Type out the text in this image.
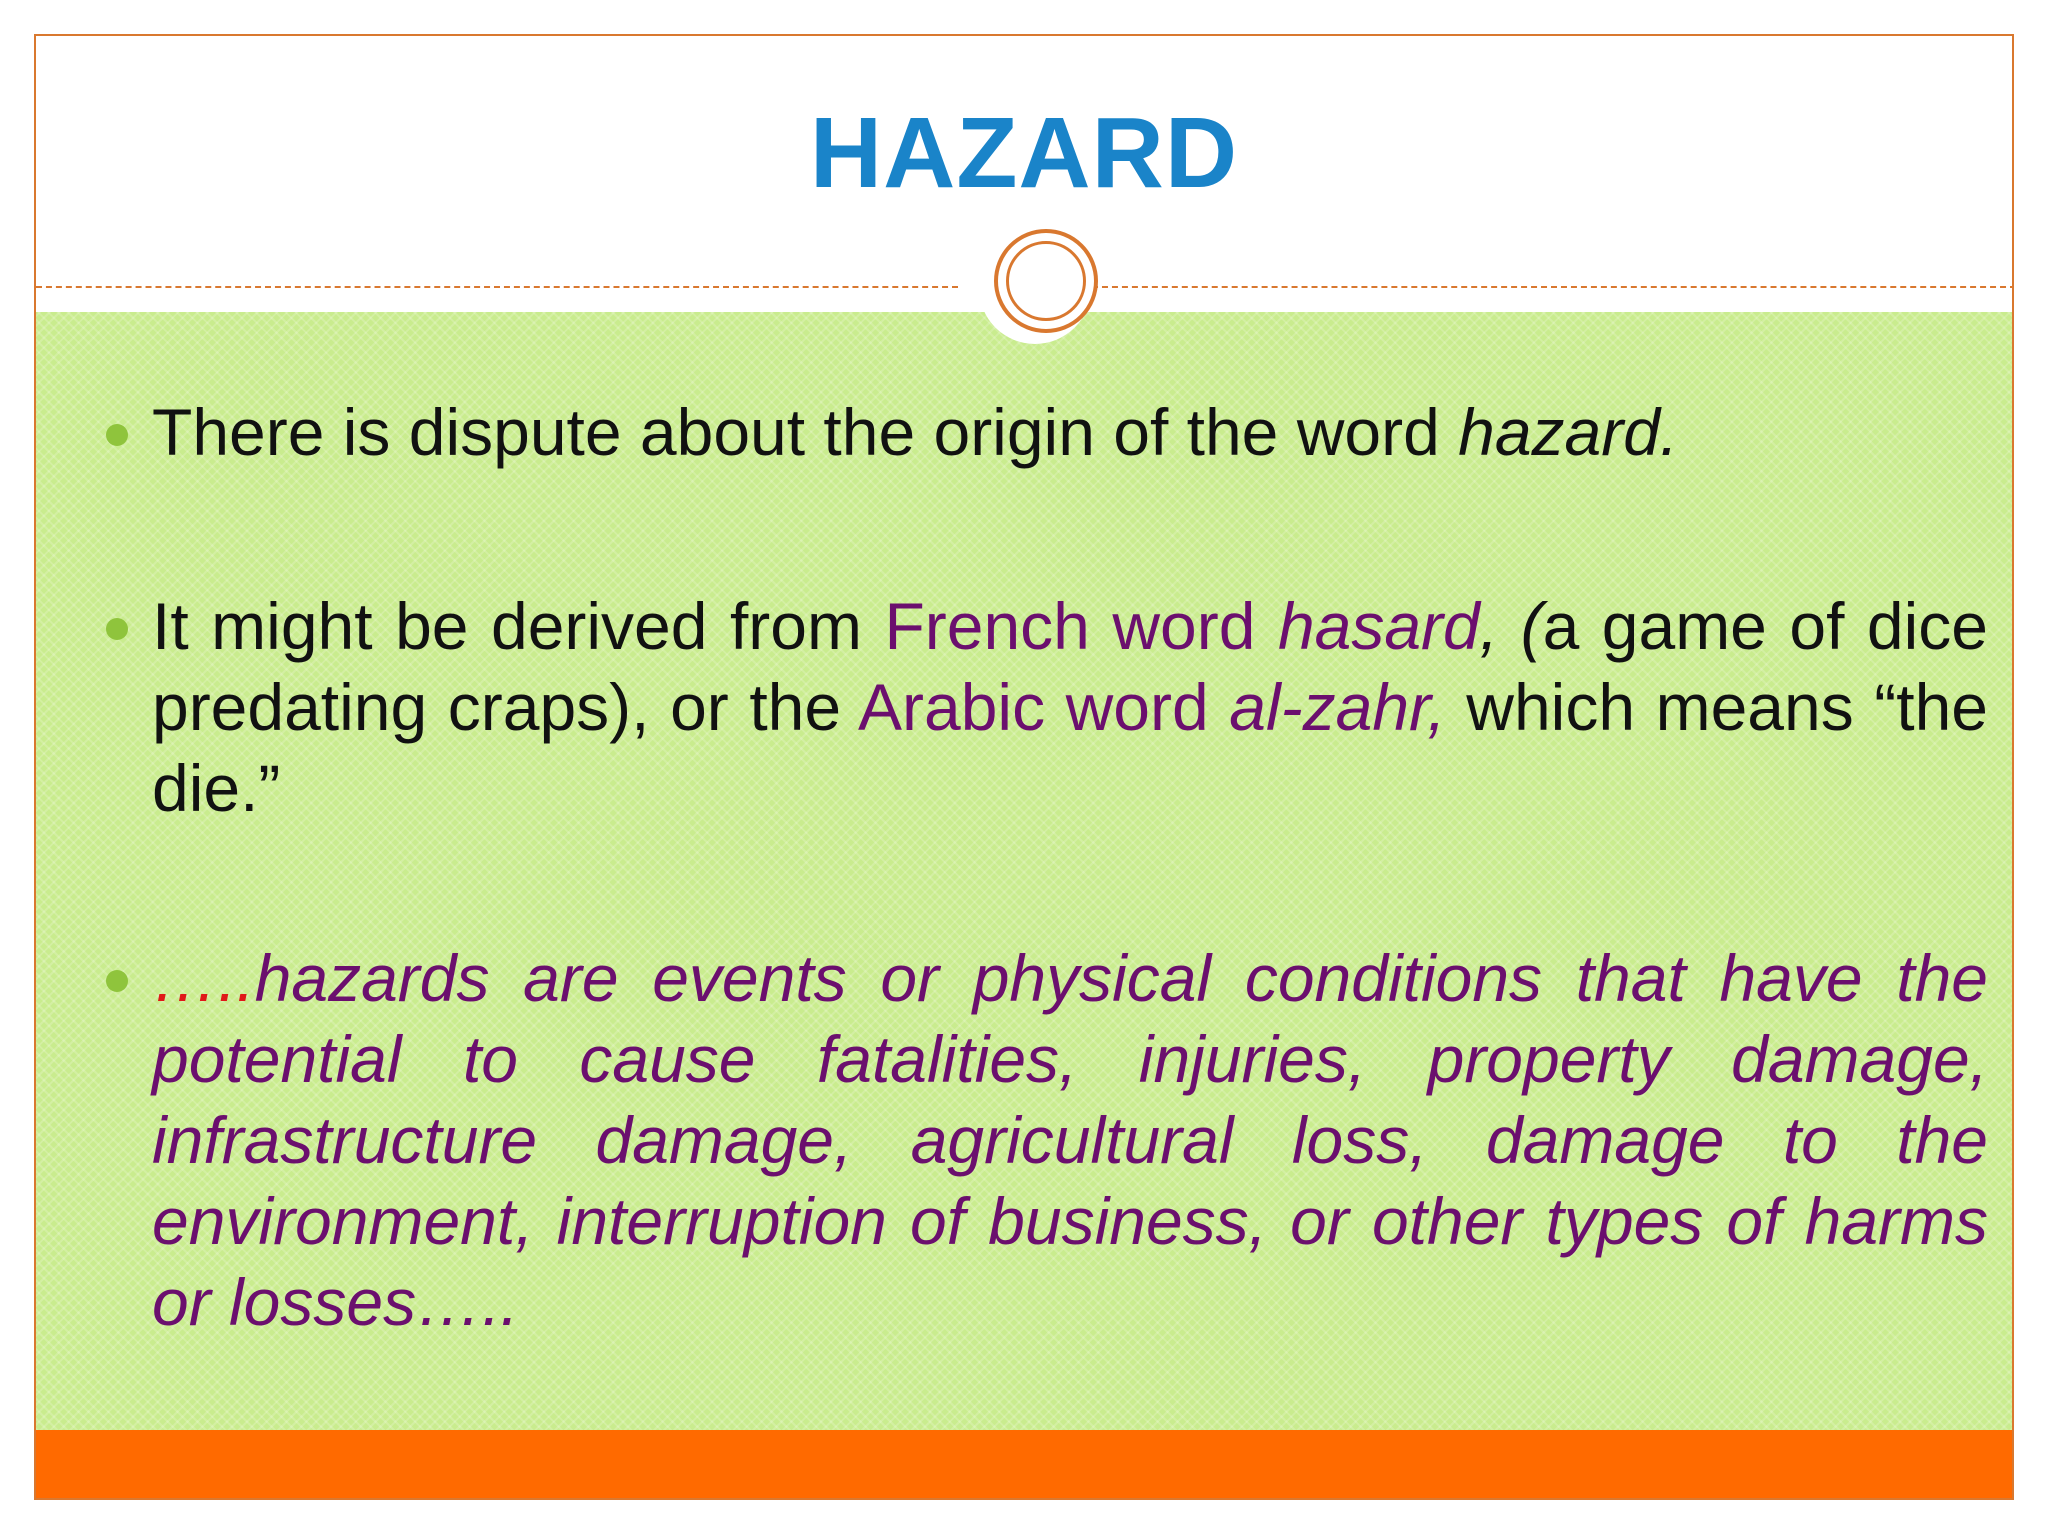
HAZARD
There is dispute about the origin of the word hazard.
It might be derived from French word hasard, (a game of dice predating craps), or the Arabic word al-zahr, which means “the die.”
…..hazards are events or physical conditions that have the potential to cause fatalities, injuries, property damage, infrastructure damage, agricultural loss, damage to the environment, interruption of business, or other types of harms or losses…..
